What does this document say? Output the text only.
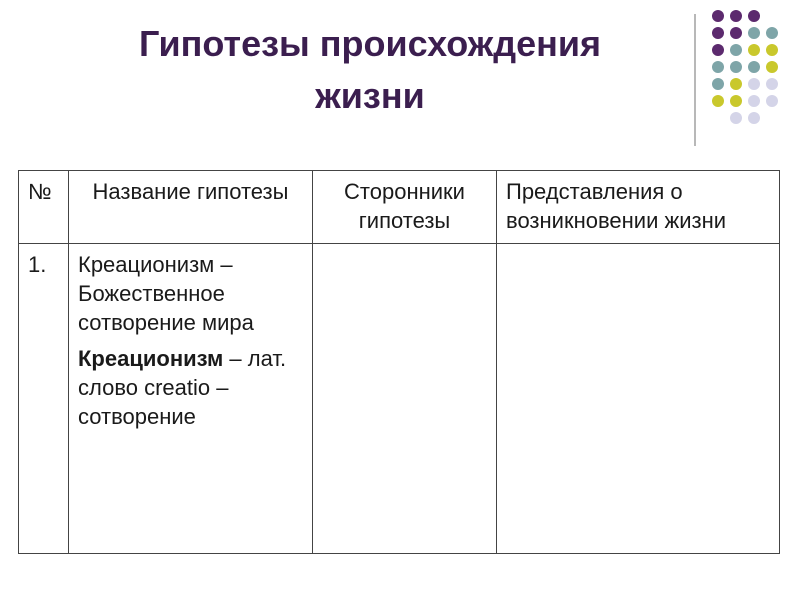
Гипотезы происхождения
жизни
№	Название гипотезы	Сторонники гипотезы	Представления о возникновении жизни
1.	Креационизм – Божественное сотворение мира
Креационизм – лат. слово creatio – сотворение		
